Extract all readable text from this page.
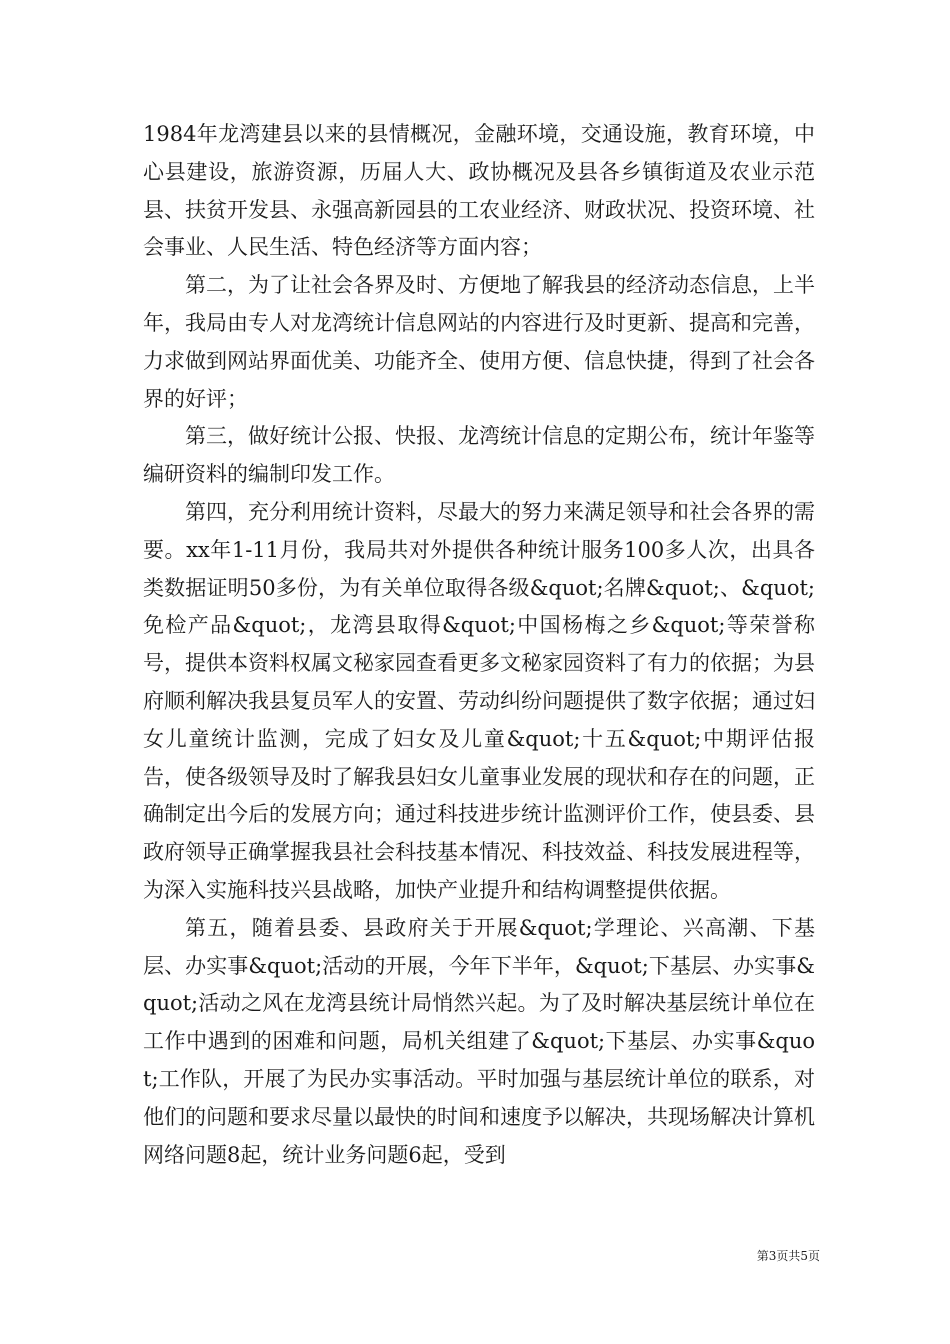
1984年龙湾建县以来的县情概况，金融环境，交通设施，教育环境，中心县建设，旅游资源，历届人大、政协概况及县各乡镇街道及农业示范县、扶贫开发县、永强高新园县的工农业经济、财政状况、投资环境、社会事业、人民生活、特色经济等方面内容；

第二，为了让社会各界及时、方便地了解我县的经济动态信息，上半年，我局由专人对龙湾统计信息网站的内容进行及时更新、提高和完善，力求做到网站界面优美、功能齐全、使用方便、信息快捷，得到了社会各界的好评；

第三，做好统计公报、快报、龙湾统计信息的定期公布，统计年鉴等编研资料的编制印发工作。

第四，充分利用统计资料，尽最大的努力来满足领导和社会各界的需要。xx年1-11月份，我局共对外提供各种统计服务100多人次，出具各类数据证明50多份，为有关单位取得各级&quot;名牌&quot;、&quot;免检产品&quot;，龙湾县取得&quot;中国杨梅之乡&quot;等荣誉称号，提供本资料权属文秘家园查看更多文秘家园资料了有力的依据；为县府顺利解决我县复员军人的安置、劳动纠纷问题提供了数字依据；通过妇女儿童统计监测，完成了妇女及儿童&quot;十五&quot;中期评估报告，使各级领导及时了解我县妇女儿童事业发展的现状和存在的问题，正确制定出今后的发展方向；通过科技进步统计监测评价工作，使县委、县政府领导正确掌握我县社会科技基本情况、科技效益、科技发展进程等，为深入实施科技兴县战略，加快产业提升和结构调整提供依据。

第五，随着县委、县政府关于开展&quot;学理论、兴高潮、下基层、办实事&quot;活动的开展，今年下半年，&quot;下基层、办实事&quot;活动之风在龙湾县统计局悄然兴起。为了及时解决基层统计单位在工作中遇到的困难和问题，局机关组建了&quot;下基层、办实事&quot;工作队，开展了为民办实事活动。平时加强与基层统计单位的联系，对他们的问题和要求尽量以最快的时间和速度予以解决，共现场解决计算机网络问题8起，统计业务问题6起，受到

第3页共5页
